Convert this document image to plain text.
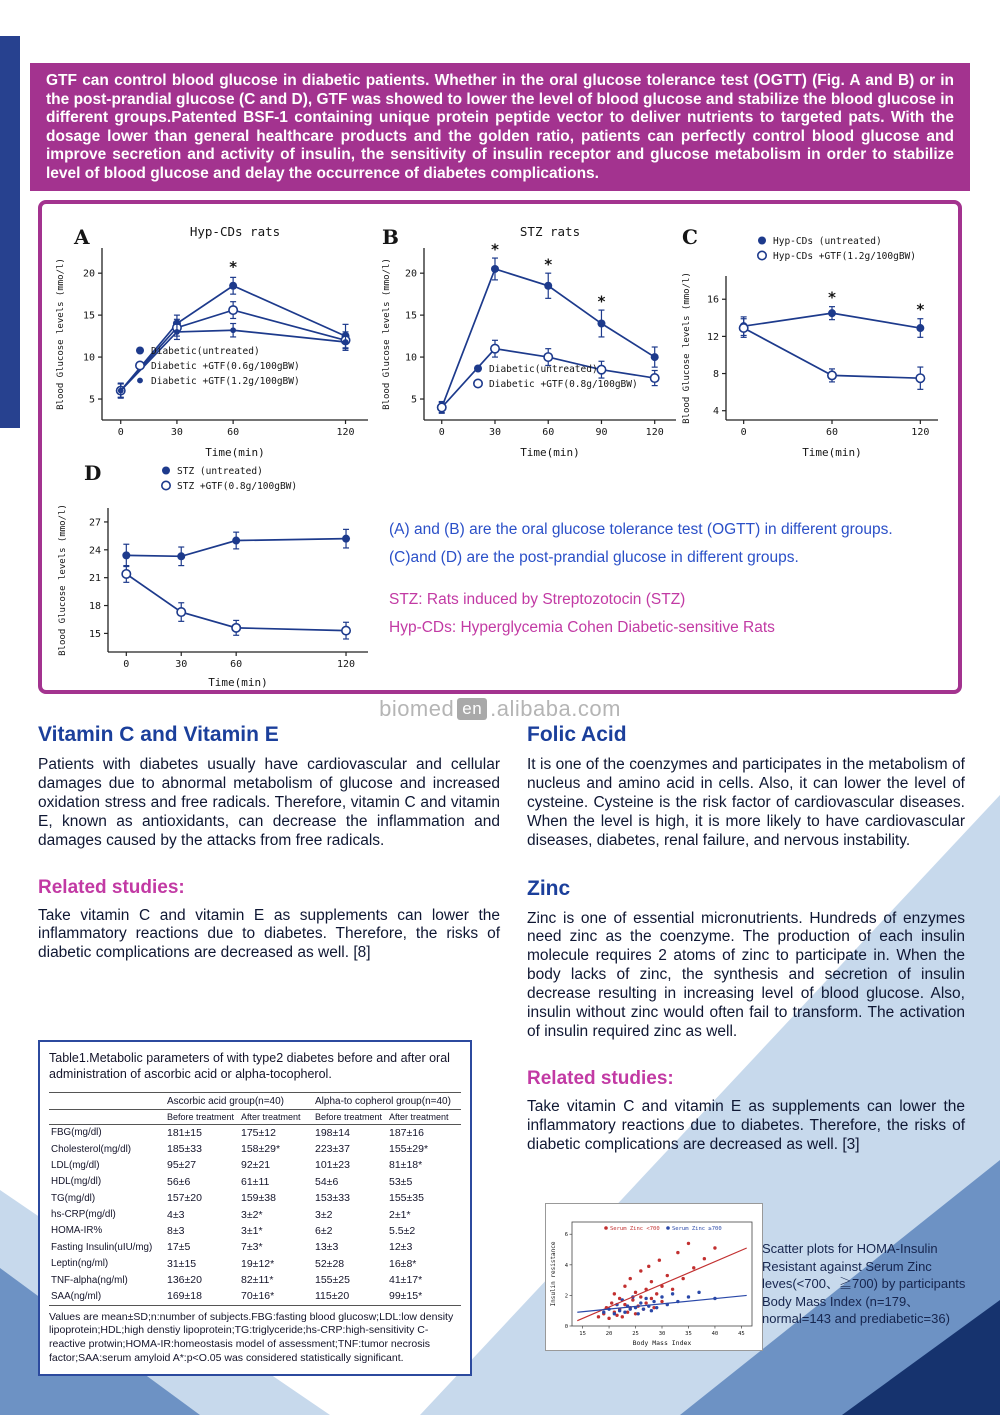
GTF can control blood glucose in diabetic patients. Whether in the oral glucose tolerance test (OGTT) (Fig. A and B) or in the post-prandial glucose (C and D), GTF was showed to lower the level of blood glucose and stabilize the blood glucose in different groups.Patented BSF-1 containing unique protein peptide vector to deliver nutrients to targeted pats. With the dosage lower than general healthcare products and the golden ratio, patients can perfectly control blood glucose and improve secretion and activity of insulin, the sensitivity of insulin receptor and glucose metabolism in order to stabilize level of blood glucose and delay the occurrence of diabetes complications.

5
10
15
20
0	30	60	120
Time(min)
Blood Glucose levels (mmo/l)
Hyp-CDs rats
A
*
Diabetic(untreated)
Diabetic +GTF(0.6g/100gBW)
Diabetic +GTF(1.2g/100gBW)
5
10
15
20
0	30	60	90	120
Time(min)
Blood Glucose levels (mmo/l)
STZ rats
B
*
*
*
Diabetic(untreated)
Diabetic +GTF(0.8g/100gBW)
4
8
12
16
0	60	120
Time(min)
Blood Glucose levels (mmo/l)
C
*
*
Hyp-CDs (untreated)
Hyp-CDs +GTF(1.2g/100gBW)
15
18
21
24
27
0	30	60	120
Time(min)
Blood Glucose levels (mmo/l)
D	STZ (untreated)
STZ +GTF(0.8g/100gBW)

(A) and (B) are the oral glucose tolerance test (OGTT) in different groups.

(C)and (D) are the post-prandial glucose in different groups.

STZ: Rats induced by Streptozotocin (STZ)

Hyp-CDs: Hyperglycemia Cohen Diabetic-sensitive Rats

biomed en .alibaba.com
Vitamin C and Vitamin E

Patients with diabetes usually have cardiovascular and cellular damages due to abnormal metabolism of glucose and increased oxidation stress and free radicals. Therefore, vitamin C and vitamin E, known as antioxidants, can decrease the inflammation and damages caused by the attacks from free radicals.

Related studies:

Take vitamin C and vitamin E as supplements can lower the inflammatory reactions due to diabetes. Therefore, the risks of diabetic complications are decreased as well. [8]

Folic Acid

It is one of the coenzymes and participates in the metabolism of nucleus and amino acid in cells. Also, it can lower the level of cysteine. Cysteine is the risk factor of cardiovascular diseases. When the level is high, it is more likely to have cardiovascular diseases, diabetes, renal failure, and nervous instability.

Zinc

Zinc is one of essential micronutrients. Hundreds of enzymes need zinc as the coenzyme. The production of each insulin molecule requires 2 atoms of zinc to participate in. When the body lacks of zinc, the synthesis and secretion of insulin decrease resulting in increasing level of blood glucose. Also, insulin without zinc would often fail to transform. The activation of insulin required zinc as well.

Related studies:

Take vitamin C and vitamin E as supplements can lower the inflammatory reactions due to diabetes. Therefore, the risks of diabetic complications are decreased as well. [3]

Table1.Metabolic parameters of with type2 diabetes before and after oral administration of ascorbic acid or alpha-tocopherol.

	Ascorbic acid group(n=40)		Alpha-to copherol group(n=40)	
	Before treatment	After treatment	Before treatment	After treatment
FBG(mg/dl)	181±15	175±12	198±14	187±16
Cholesterol(mg/dl)	185±33	158±29*	223±37	155±29*
LDL(mg/dl)	95±27	92±21	101±23	81±18*
HDL(mg/dl)	56±6	61±11	54±6	53±5
TG(mg/dl)	157±20	159±38	153±33	155±35
hs-CRP(mg/dl)	4±3	3±2*	3±2	2±1*
HOMA-IR%	8±3	3±1*	6±2	5.5±2
Fasting Insulin(uIU/mg)	17±5	7±3*	13±3	12±3
Leptin(ng/ml)	31±15	19±12*	52±28	16±8*
TNF-alpha(ng/ml)	136±20	82±11*	155±25	41±17*
SAA(ng/ml)	169±18	70±16*	115±20	99±15*

Values are mean±SD;n:number of subjects.FBG:fasting blood glucosw;LDL:low density lipoprotein;HDL;high denstiy lipoprotein;TG:triglyceride;hs-CRP:high-sensitivity C-reactive protwin;HOMA-IR:homeostasis model of assessment;TNF:tumor necrosis factor;SAA:serum amyloid A*:p<O.05 was considered statistically significant.

15	20	25	30	35	40	45
0
2
4
6
Body Mass Index
Insulin resistance
Serum Zinc <700 Serum Zinc ≥700

Scatter plots for HOMA-Insulin Resistant against Serum Zinc leves(<700、≧700) by participants Body Mass Index (n=179、normal=143 and prediabetic=36)
